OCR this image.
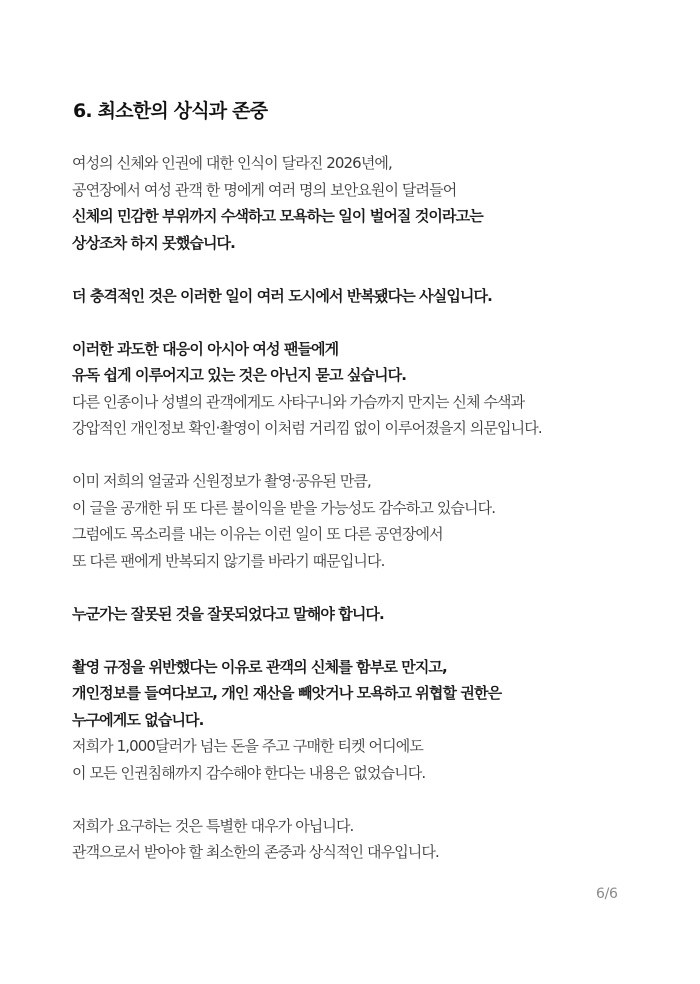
6. 최소한의 상식과 존중
여성의 신체와 인권에 대한 인식이 달라진 2026년에,
공연장에서 여성 관객 한 명에게 여러 명의 보안요원이 달려들어
신체의 민감한 부위까지 수색하고 모욕하는 일이 벌어질 것이라고는
상상조차 하지 못했습니다.
더 충격적인 것은 이러한 일이 여러 도시에서 반복됐다는 사실입니다.
이러한 과도한 대응이 아시아 여성 팬들에게
유독 쉽게 이루어지고 있는 것은 아닌지 묻고 싶습니다.
다른 인종이나 성별의 관객에게도 사타구니와 가슴까지 만지는 신체 수색과
강압적인 개인정보 확인·촬영이 이처럼 거리낌 없이 이루어졌을지 의문입니다.
이미 저희의 얼굴과 신원정보가 촬영·공유된 만큼,
이 글을 공개한 뒤 또 다른 불이익을 받을 가능성도 감수하고 있습니다.
그럼에도 목소리를 내는 이유는 이런 일이 또 다른 공연장에서
또 다른 팬에게 반복되지 않기를 바라기 때문입니다.
누군가는 잘못된 것을 잘못되었다고 말해야 합니다.
촬영 규정을 위반했다는 이유로 관객의 신체를 함부로 만지고,
개인정보를 들여다보고, 개인 재산을 빼앗거나 모욕하고 위협할 권한은
누구에게도 없습니다.
저희가 1,000달러가 넘는 돈을 주고 구매한 티켓 어디에도
이 모든 인권침해까지 감수해야 한다는 내용은 없었습니다.
저희가 요구하는 것은 특별한 대우가 아닙니다.
관객으로서 받아야 할 최소한의 존중과 상식적인 대우입니다.
6/6
